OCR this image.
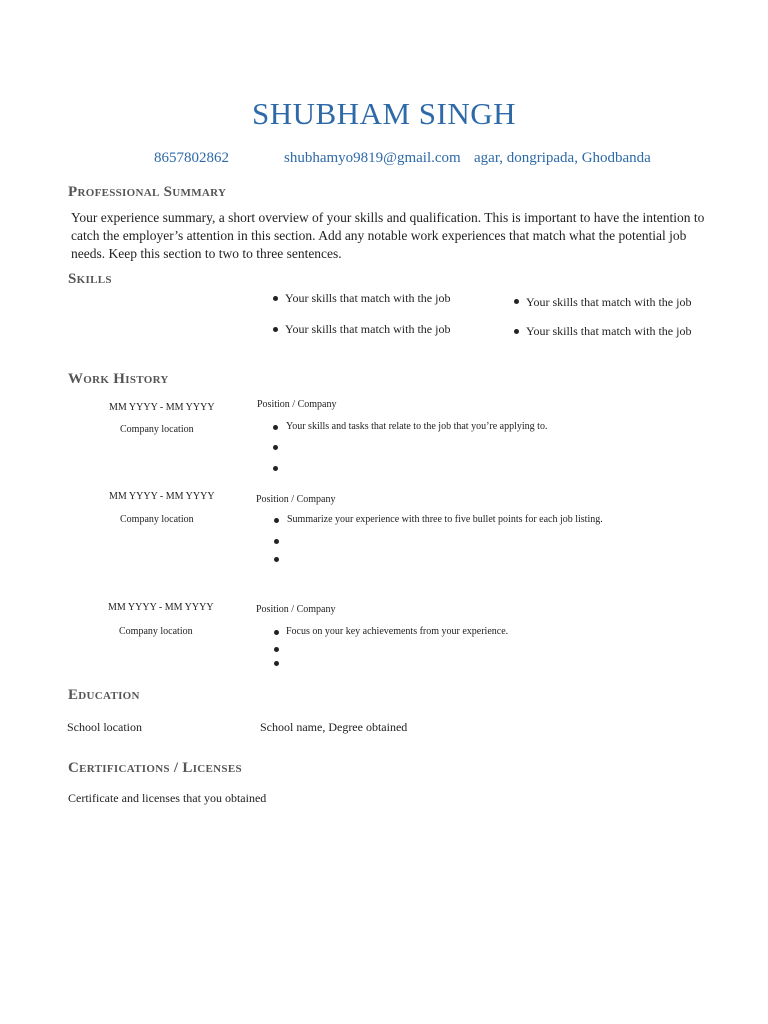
SHUBHAM SINGH
8657802862	shubhamyo9819@gmail.com agar, dongripada, Ghodbanda
Professional Summary
Your experience summary, a short overview of your skills and qualification. This is important to have the intention to catch the employer’s attention in this section. Add any notable work experiences that match what the potential job needs. Keep this section to two to three sentences.
Skills
Your skills that match with the job	Your skills that match with the job
Your skills that match with the job	Your skills that match with the job
Work History
MM YYYY - MM YYYY
Company location
Position / Company
Your skills and tasks that relate to the job that you’re applying to.
MM YYYY - MM YYYY
Company location
Position / Company
Summarize your experience with three to five bullet points for each job listing.
MM YYYY - MM YYYY
Company location
Position / Company
Focus on your key achievements from your experience.
Education
School location	School name, Degree obtained
Certifications / Licenses
Certificate and licenses that you obtained
